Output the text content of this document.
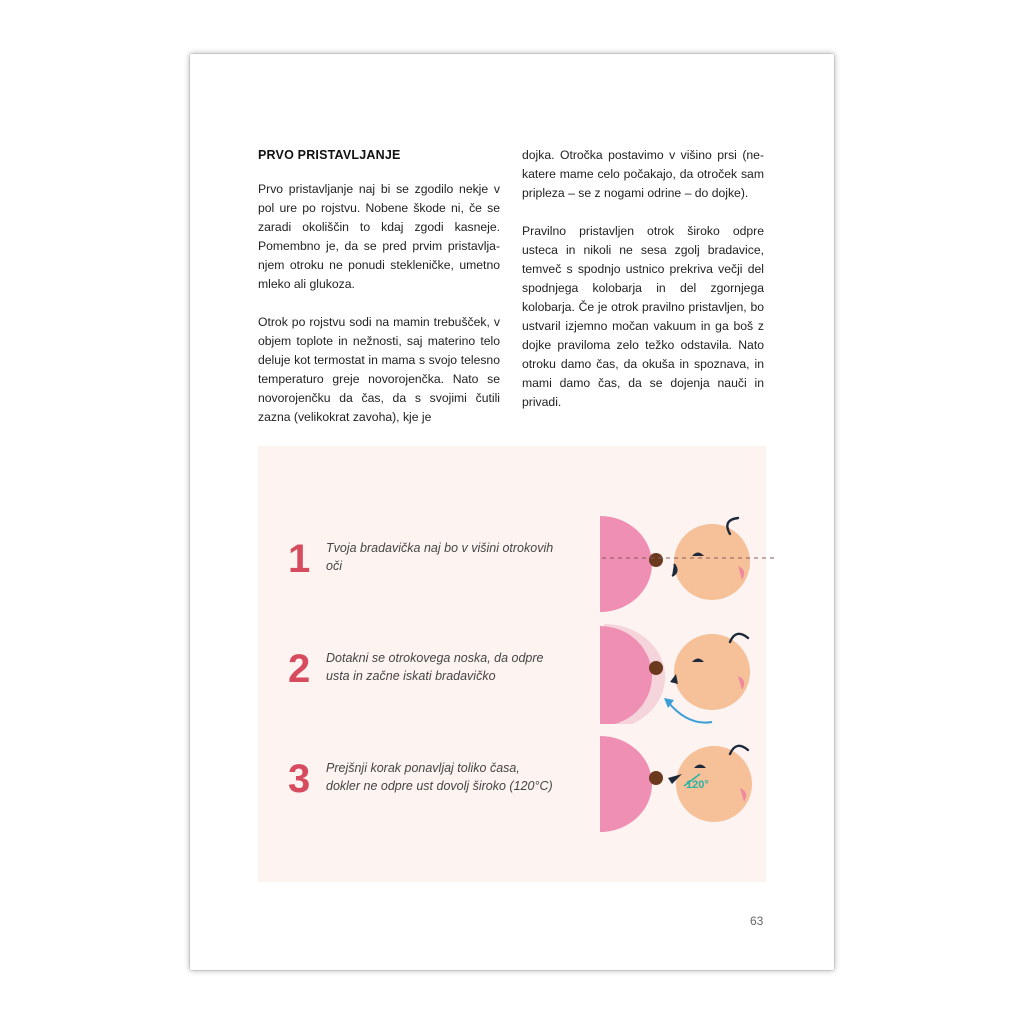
PRVO PRISTAVLJANJE

Prvo pristavljanje naj bi se zgodilo nekje v pol ure po rojstvu. Nobene škode ni, če se zaradi okoliščin to kdaj zgodi kasneje. Pomembno je, da se pred prvim pristavljanjem otroku ne ponudi stekleničke, umetno mleko ali glukoza.

Otrok po rojstvu sodi na mamin trebušček, v objem toplote in nežnosti, saj materino telo deluje kot termostat in mama s svojo telesno temperaturo greje novorojenčka. Nato se novorojenčku da čas, da s svojimi čutili zazna (velikokrat zavoha), kje je

dojka. Otročka postavimo v višino prsi (nekatere mame celo počakajo, da otroček sam pripleza – se z nogami odrine – do dojke).

Pravilno pristavljen otrok široko odpre usteca in nikoli ne sesa zgolj bradavice, temveč s spodnjo ustnico prekriva večji del spodnjega kolobarja in del zgornjega kolobarja. Če je otrok pravilno pristavljen, bo ustvaril izjemno močan vakuum in ga boš z dojke praviloma zelo težko odstavila. Nato otroku damo čas, da okuša in spoznava, in mami damo čas, da se dojenja nauči in privadi.

1 Tvoja bradavička naj bo v višini otrokovih oči
2 Dotakni se otrokovega noska, da odpre usta in začne iskati bradavičko
3 Prejšnji korak ponavljaj toliko časa, dokler ne odpre ust dovolj široko (120°C)	120°
63
